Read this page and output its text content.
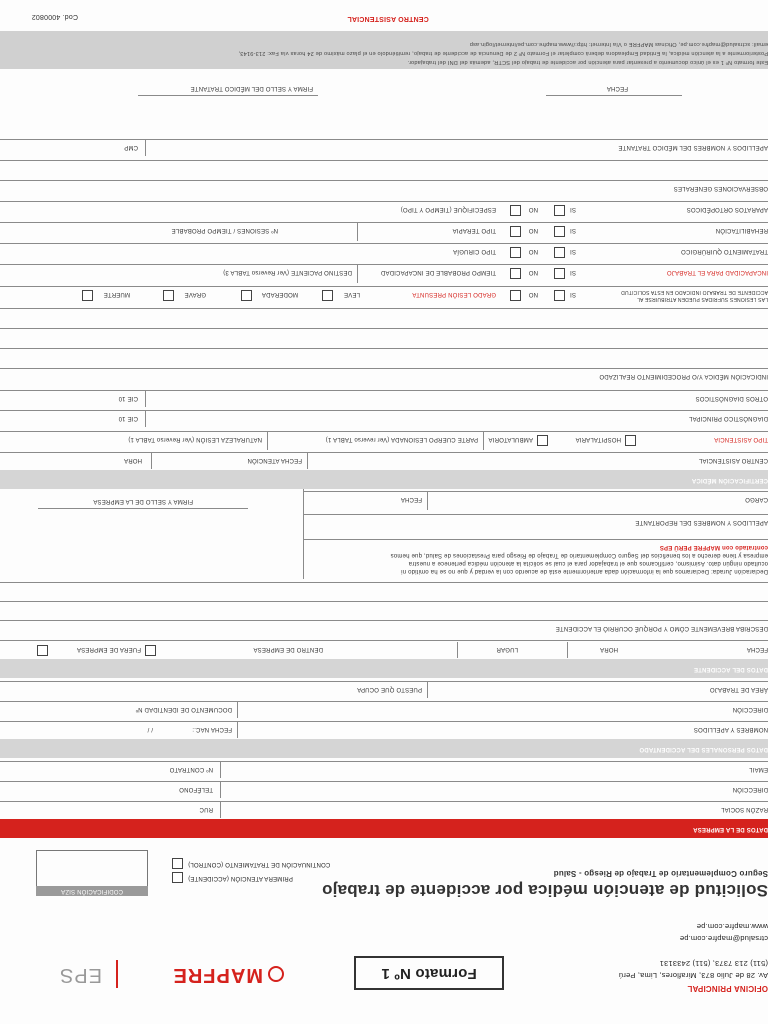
OFICINA PRINCIPAL
Av. 28 de Julio 873, Miraflores, Lima, Perú
(511) 213 7373, (511) 2433131
ctrsalud@mapfre.com.pe
www.mapfre.com.pe
Formato Nº 1
MAPFRE
EPS
Solicitud de atención médica por accidente de trabajo
Seguro Complementario de Trabajo de Riesgo - Salud
PRIMERA ATENCIÓN (ACCIDENTE)
CONTINUACIÓN DE TRATAMIENTO (CONTROL)
CODIFICACIÓN SIZA
DATOS DE LA EMPRESA
RAZÓN SOCIAL
RUC
DIRECCIÓN
TELÉFONO
EMAIL
Nº CONTRATO
DATOS PERSONALES DEL ACCIDENTADO
NOMBRES Y APELLIDOS
FECHA NAC.:
/ /
DIRECCIÓN
DOCUMENTO DE IDENTIDAD Nº
ÁREA DE TRABAJO
PUESTO QUE OCUPA
DATOS DEL ACCIDENTE
FECHA
HORA
LUGAR
DENTRO DE EMPRESA
FUERA DE EMPRESA
DESCRIBA BREVEMENTE CÓMO Y PORQUÉ OCURRIÓ EL ACCIDENTE
Declaración Jurada: Declaramos que la información dada anteriormente está de acuerdo con la verdad y que no se ha omitido ni
ocultado ningún dato. Asimismo, certificamos que el trabajador para el cual se solicita la atención médica pertenece a nuestra
empresa y tiene derecho a los beneficios del Seguro Complementario de Trabajo de Riesgo para Prestaciones de Salud, que hemos
contratado con MAPFRE PERÚ EPS
APELLIDOS Y NOMBRES DEL REPORTANTE
CARGO
FECHA
FIRMA Y SELLO DE LA EMPRESA
CERTIFICACIÓN MÉDICA
CENTRO ASISTENCIAL
FECHA ATENCIÓN
HORA
TIPO ASISTENCIA
HOSPITALARIA
AMBULATORIA
PARTE CUERPO LESIONADA (Ver reverso TABLA 1)
NATURALEZA LESIÓN (Ver Reverso TABLA 1)
DIAGNÓSTICO PRINCIPAL
CIE 10
OTROS DIAGNÓSTICOS
CIE 10
INDICACIÓN MÉDICA Y/O PROCEDIMIENTO REALIZADO
LAS LESIONES SUFRIDAS PUEDEN ATRIBUIRSE AL
ACCIDENTE DE TRABAJO INDICADO EN ESTA SOLICITUD
SI
NO
GRADO LESIÓN PRESUNTA
LEVE
MODERADA
GRAVE
MUERTE
INCAPACIDAD PARA EL TRABAJO
SI
NO
TIEMPO PROBABLE DE INCAPACIDAD
DESTINO PACIENTE (Ver Reverso TABLA 3)
TRATAMIENTO QUIRÚRGICO
SI
NO
TIPO CIRUGÍA
REHABILITACIÓN
SI
NO
TIPO TERAPIA
Nº SESIONES / TIEMPO PROBABLE
APARATOS ORTOPÉDICOS
SI
NO
ESPECIFIQUE (TIEMPO Y TIPO)
OBSERVACIONES GENERALES
APELLIDOS Y NOMBRES DEL MÉDICO TRATANTE
CMP
FECHA
FIRMA Y SELLO DEL MÉDICO TRATANTE
Este formato Nº 1 es el único documento a presentar para atención por accidente de trabajo del SCTR, además del DNI del trabajador.
Posteriormente a la atención médica, la Entidad Empleadora deberá completar el Formato Nº 2 de Denuncia de accidente de trabajo, remitiéndolo en el plazo máximo de 24 horas vía Fax: 213-9143,
email: sctrsalud@mapfre.com.pe, Oficinas MAPFRE o Vía Internet: http://www.mapfre.com.pe/internet/login.asp
CENTRO ASISTENCIAL
Cod. 4000802
